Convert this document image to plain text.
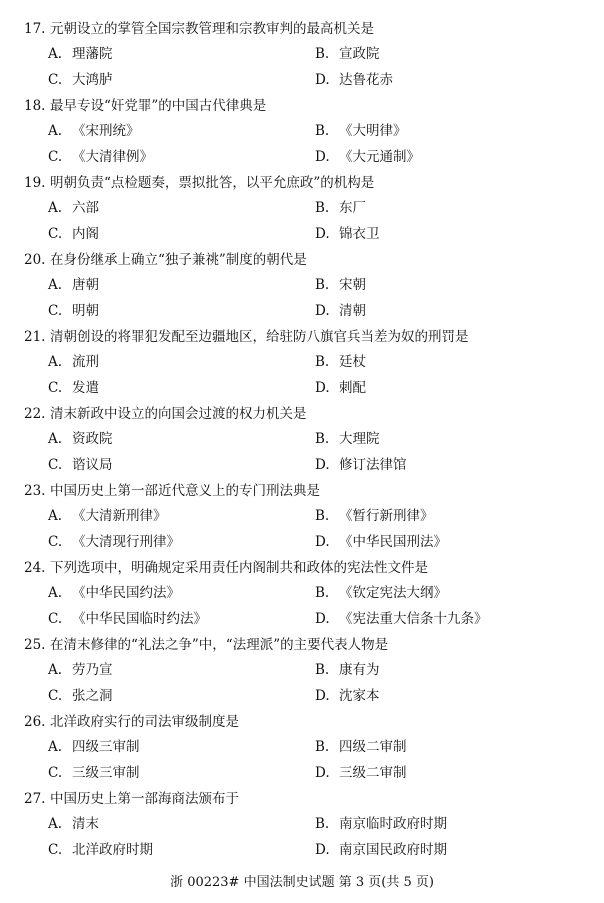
17. 元朝设立的掌管全国宗教管理和宗教审判的最高机关是
A. 理藩院	B. 宣政院
C. 大鸿胪	D. 达鲁花赤
18. 最早专设“奸党罪”的中国古代律典是
A. 《宋刑统》	B. 《大明律》
C. 《大清律例》	D. 《大元通制》
19. 明朝负责“点检题奏，票拟批答，以平允庶政”的机构是
A. 六部	B. 东厂
C. 内阁	D. 锦衣卫
20. 在身份继承上确立“独子兼祧”制度的朝代是
A. 唐朝	B. 宋朝
C. 明朝	D. 清朝
21. 清朝创设的将罪犯发配至边疆地区，给驻防八旗官兵当差为奴的刑罚是
A. 流刑	B. 廷杖
C. 发遣	D. 刺配
22. 清末新政中设立的向国会过渡的权力机关是
A. 资政院	B. 大理院
C. 谘议局	D. 修订法律馆
23. 中国历史上第一部近代意义上的专门刑法典是
A. 《大清新刑律》	B. 《暂行新刑律》
C. 《大清现行刑律》	D. 《中华民国刑法》
24. 下列选项中，明确规定采用责任内阁制共和政体的宪法性文件是
A. 《中华民国约法》	B. 《钦定宪法大纲》
C. 《中华民国临时约法》	D. 《宪法重大信条十九条》
25. 在清末修律的“礼法之争”中，“法理派”的主要代表人物是
A. 劳乃宣	B. 康有为
C. 张之洞	D. 沈家本
26. 北洋政府实行的司法审级制度是
A. 四级三审制	B. 四级二审制
C. 三级三审制	D. 三级二审制
27. 中国历史上第一部海商法颁布于
A. 清末	B. 南京临时政府时期
C. 北洋政府时期	D. 南京国民政府时期
浙 00223# 中国法制史试题 第 3 页(共 5 页)
